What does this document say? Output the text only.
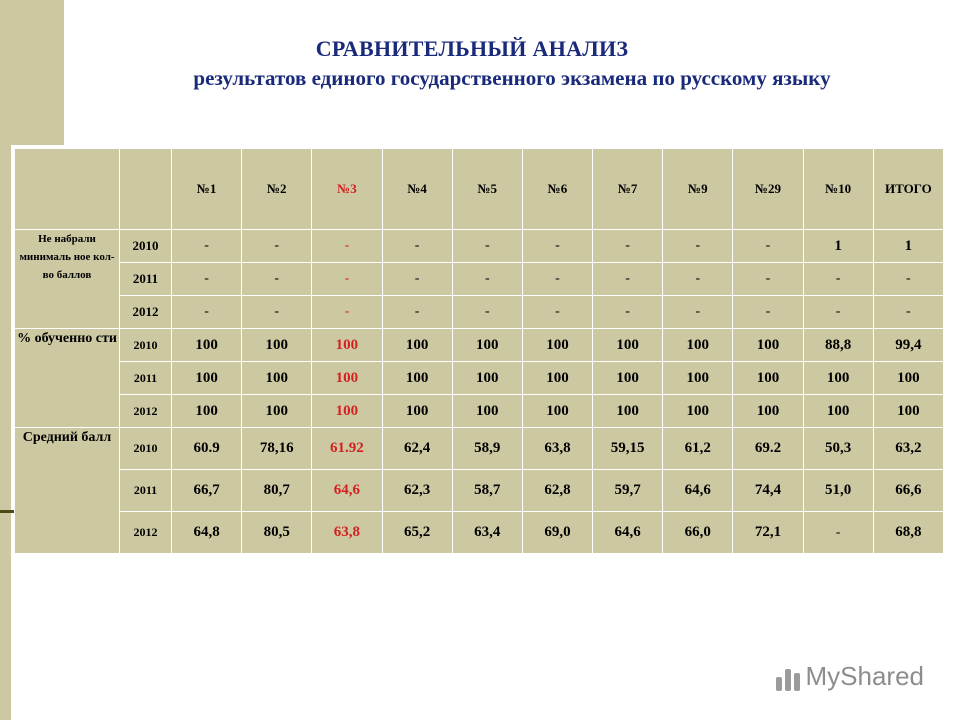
СРАВНИТЕЛЬНЫЙ АНАЛИЗ
результатов единого государственного экзамена по русскому языку
		№1	№2	№3	№4	№5	№6	№7	№9	№29	№10	ИТОГО
Не набрали минималь ное кол-во баллов	2010	-	-	-	-	-	-	-	-	-	1	1
	2011	-	-	-	-	-	-	-	-	-	-	-
	2012	-	-	-	-	-	-	-	-	-	-	-
% обученно сти	2010	100	100	100	100	100	100	100	100	100	88,8	99,4
	2011	100	100	100	100	100	100	100	100	100	100	100
	2012	100	100	100	100	100	100	100	100	100	100	100
Средний балл	2010	60.9	78,16	61.92	62,4	58,9	63,8	59,15	61,2	69.2	50,3	63,2
	2011	66,7	80,7	64,6	62,3	58,7	62,8	59,7	64,6	74,4	51,0	66,6
	2012	64,8	80,5	63,8	65,2	63,4	69,0	64,6	66,0	72,1	-	68,8
MyShared
